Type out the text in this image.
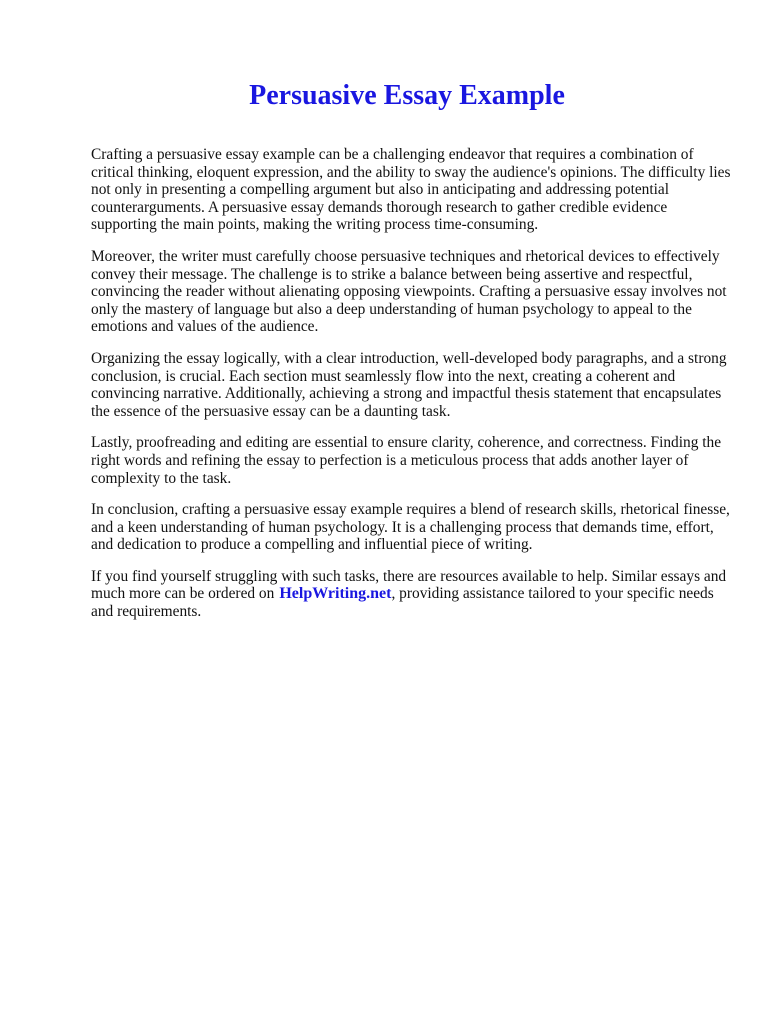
Persuasive Essay Example

Crafting a persuasive essay example can be a challenging endeavor that requires a combination of critical thinking, eloquent expression, and the ability to sway the audience's opinions. The difficulty lies not only in presenting a compelling argument but also in anticipating and addressing potential counterarguments. A persuasive essay demands thorough research to gather credible evidence supporting the main points, making the writing process time-consuming.

Moreover, the writer must carefully choose persuasive techniques and rhetorical devices to effectively convey their message. The challenge is to strike a balance between being assertive and respectful, convincing the reader without alienating opposing viewpoints. Crafting a persuasive essay involves not only the mastery of language but also a deep understanding of human psychology to appeal to the emotions and values of the audience.

Organizing the essay logically, with a clear introduction, well-developed body paragraphs, and a strong conclusion, is crucial. Each section must seamlessly flow into the next, creating a coherent and convincing narrative. Additionally, achieving a strong and impactful thesis statement that encapsulates the essence of the persuasive essay can be a daunting task.

Lastly, proofreading and editing are essential to ensure clarity, coherence, and correctness. Finding the right words and refining the essay to perfection is a meticulous process that adds another layer of complexity to the task.

In conclusion, crafting a persuasive essay example requires a blend of research skills, rhetorical finesse, and a keen understanding of human psychology. It is a challenging process that demands time, effort, and dedication to produce a compelling and influential piece of writing.

If you find yourself struggling with such tasks, there are resources available to help. Similar essays and much more can be ordered on HelpWriting.net, providing assistance tailored to your specific needs and requirements.
